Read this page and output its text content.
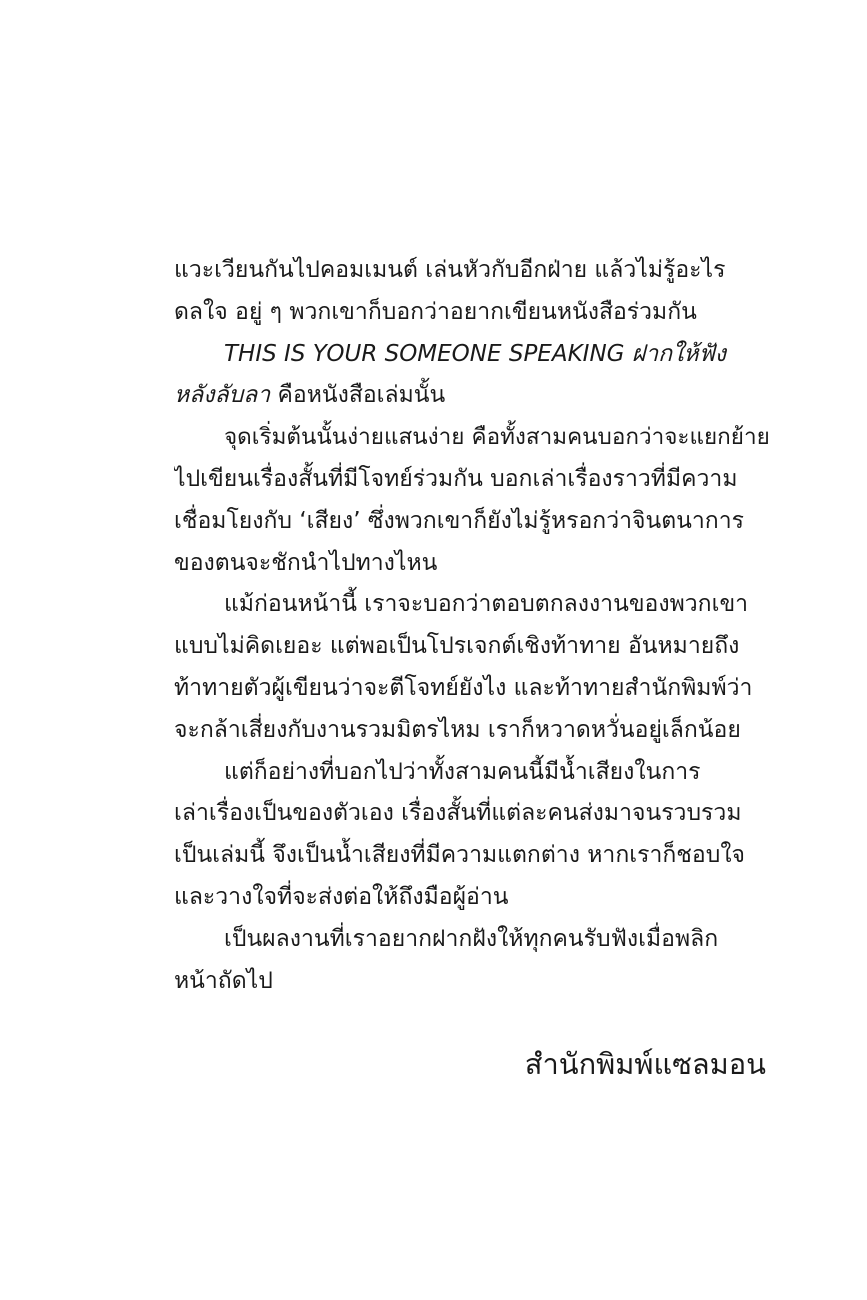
แวะเวียนกันไปคอมเมนต์ เล่นหัวกับอีกฝ่าย แล้วไม่รู้อะไร
ดลใจ อยู่ ๆ พวกเขาก็บอกว่าอยากเขียนหนังสือร่วมกัน
THIS IS YOUR SOMEONE SPEAKING ฝากให้ฟัง
หลังลับลา คือหนังสือเล่มนั้น
จุดเริ่มต้นนั้นง่ายแสนง่าย คือทั้งสามคนบอกว่าจะแยกย้าย
ไปเขียนเรื่องสั้นที่มีโจทย์ร่วมกัน บอกเล่าเรื่องราวที่มีความ
เชื่อมโยงกับ ‘เสียง’ ซึ่งพวกเขาก็ยังไม่รู้หรอกว่าจินตนาการ
ของตนจะชักนำไปทางไหน
แม้ก่อนหน้านี้ เราจะบอกว่าตอบตกลงงานของพวกเขา
แบบไม่คิดเยอะ แต่พอเป็นโปรเจกต์เชิงท้าทาย อันหมายถึง
ท้าทายตัวผู้เขียนว่าจะตีโจทย์ยังไง และท้าทายสำนักพิมพ์ว่า
จะกล้าเสี่ยงกับงานรวมมิตรไหม เราก็หวาดหวั่นอยู่เล็กน้อย
แต่ก็อย่างที่บอกไปว่าทั้งสามคนนี้มีน้ำเสียงในการ
เล่าเรื่องเป็นของตัวเอง เรื่องสั้นที่แต่ละคนส่งมาจนรวบรวม
เป็นเล่มนี้ จึงเป็นน้ำเสียงที่มีความแตกต่าง หากเราก็ชอบใจ
และวางใจที่จะส่งต่อให้ถึงมือผู้อ่าน
เป็นผลงานที่เราอยากฝากฝังให้ทุกคนรับฟังเมื่อพลิก
หน้าถัดไป
สำนักพิมพ์แซลมอน
